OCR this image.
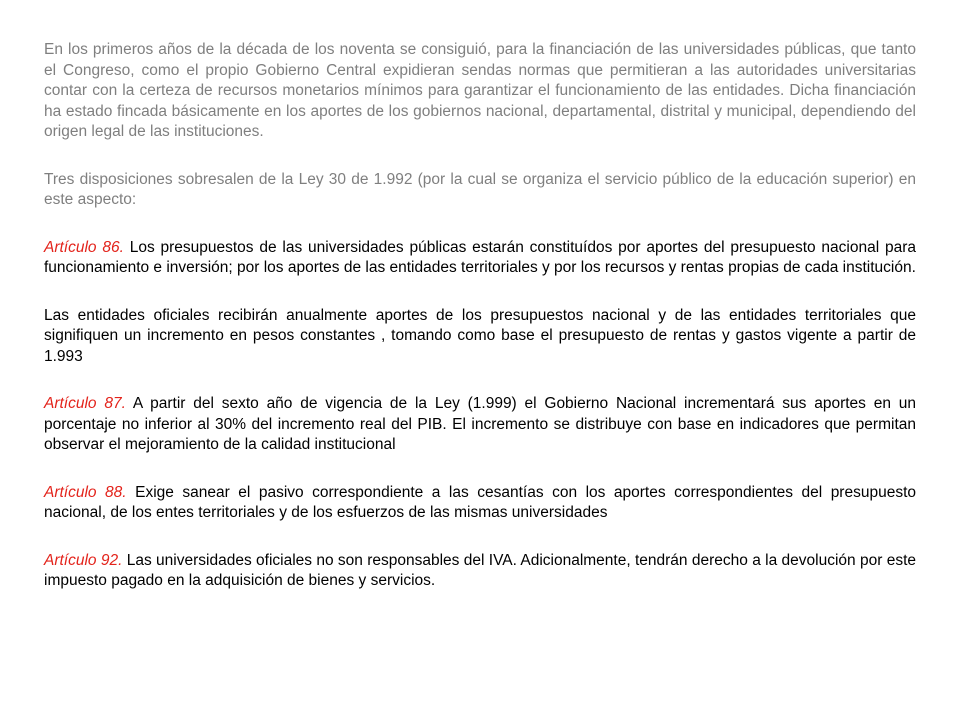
En los primeros años de la década de los noventa se consiguió, para la financiación de las universidades públicas, que tanto el Congreso, como el propio Gobierno Central expidieran sendas normas que permitieran a las autoridades universitarias contar con la certeza de recursos monetarios mínimos para garantizar el funcionamiento de las entidades. Dicha financiación ha estado fincada básicamente en los aportes de los gobiernos nacional, departamental, distrital y municipal, dependiendo del origen legal de las instituciones.

Tres disposiciones sobresalen de la Ley 30 de 1.992 (por la cual se organiza el servicio público de la educación superior) en este aspecto:

Artículo 86. Los presupuestos de las universidades públicas estarán constituídos por aportes del presupuesto nacional para funcionamiento e inversión; por los aportes de las entidades territoriales y por los recursos y rentas propias de cada institución.

Las entidades oficiales recibirán anualmente aportes de los presupuestos nacional y de las entidades territoriales que signifiquen un incremento en pesos constantes , tomando como base el presupuesto de rentas y gastos vigente a partir de 1.993

Artículo 87. A partir del sexto año de vigencia de la Ley (1.999) el Gobierno Nacional incrementará sus aportes en un porcentaje no inferior al 30% del incremento real del PIB. El incremento se distribuye con base en indicadores que permitan observar el mejoramiento de la calidad institucional

Artículo 88. Exige sanear el pasivo correspondiente a las cesantías con los aportes correspondientes del presupuesto nacional, de los entes territoriales y de los esfuerzos de las mismas universidades

Artículo 92. Las universidades oficiales no son responsables del IVA. Adicionalmente, tendrán derecho a la devolución por este impuesto pagado en la adquisición de bienes y servicios.
